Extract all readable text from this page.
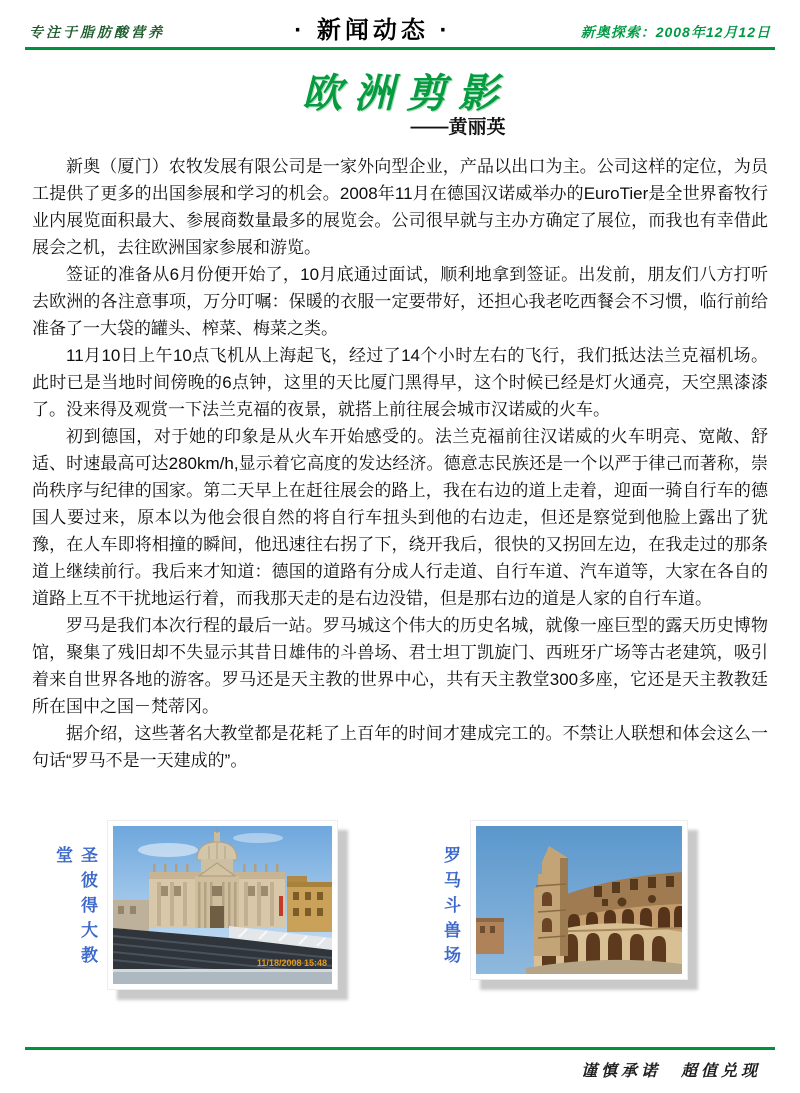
专注于脂肪酸营养	· 新闻动态 ·	新奥探索：2008年12月12日
欧洲剪影
——黄丽英

新奥（厦门）农牧发展有限公司是一家外向型企业，产品以出口为主。公司这样的定位，为员工提供了更多的出国参展和学习的机会。2008年11月在德国汉诺威举办的EuroTier是全世界畜牧行业内展览面积最大、参展商数量最多的展览会。公司很早就与主办方确定了展位，而我也有幸借此展会之机，去往欧洲国家参展和游览。

签证的准备从6月份便开始了，10月底通过面试，顺利地拿到签证。出发前，朋友们八方打听去欧洲的各注意事项，万分叮嘱：保暖的衣服一定要带好，还担心我老吃西餐会不习惯，临行前给准备了一大袋的罐头、榨菜、梅菜之类。

11月10日上午10点飞机从上海起飞，经过了14个小时左右的飞行，我们抵达法兰克福机场。此时已是当地时间傍晚的6点钟，这里的天比厦门黑得早，这个时候已经是灯火通亮，天空黑漆漆了。没来得及观赏一下法兰克福的夜景，就搭上前往展会城市汉诺威的火车。

初到德国，对于她的印象是从火车开始感受的。法兰克福前往汉诺威的火车明亮、宽敞、舒适、时速最高可达280km/h,显示着它高度的发达经济。德意志民族还是一个以严于律己而著称，崇尚秩序与纪律的国家。第二天早上在赶往展会的路上，我在右边的道上走着，迎面一骑自行车的德国人要过来，原本以为他会很自然的将自行车扭头到他的右边走，但还是察觉到他脸上露出了犹豫，在人车即将相撞的瞬间，他迅速往右拐了下，绕开我后，很快的又拐回左边，在我走过的那条道上继续前行。我后来才知道：德国的道路有分成人行走道、自行车道、汽车道等，大家在各自的道路上互不干扰地运行着，而我那天走的是右边没错，但是那右边的道是人家的自行车道。

罗马是我们本次行程的最后一站。罗马城这个伟大的历史名城，就像一座巨型的露天历史博物馆，聚集了残旧却不失显示其昔日雄伟的斗兽场、君士坦丁凯旋门、西班牙广场等古老建筑，吸引着来自世界各地的游客。罗马还是天主教的世界中心，共有天主教堂300多座，它还是天主教教廷所在国中之国－梵蒂冈。

据介绍，这些著名大教堂都是花耗了上百年的时间才建成完工的。不禁让人联想和体会这么一句话“罗马不是一天建成的”。

圣彼得大教堂
11/18/2008 15:48	罗马斗兽场
谨慎承诺　超值兑现
